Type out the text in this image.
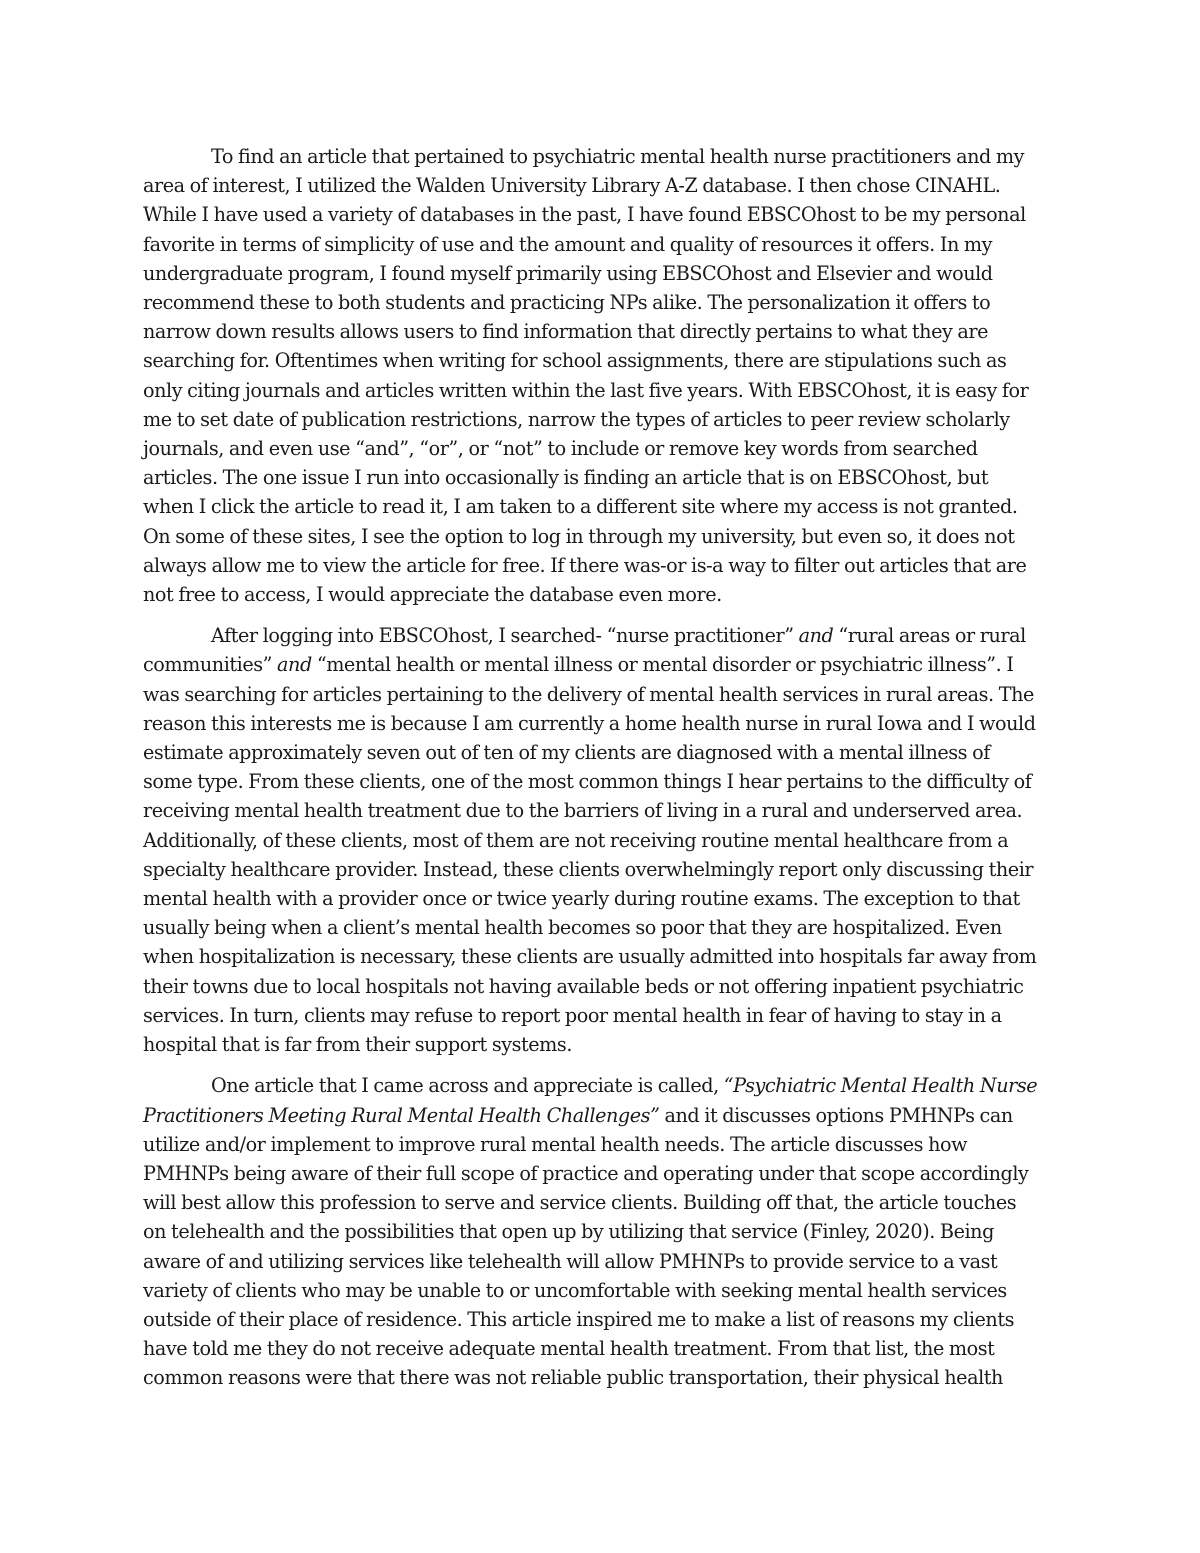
To find an article that pertained to psychiatric mental health nurse practitioners and my
area of interest, I utilized the Walden University Library A-Z database. I then chose CINAHL.
While I have used a variety of databases in the past, I have found EBSCOhost to be my personal
favorite in terms of simplicity of use and the amount and quality of resources it offers. In my
undergraduate program, I found myself primarily using EBSCOhost and Elsevier and would
recommend these to both students and practicing NPs alike. The personalization it offers to
narrow down results allows users to find information that directly pertains to what they are
searching for. Oftentimes when writing for school assignments, there are stipulations such as
only citing journals and articles written within the last five years. With EBSCOhost, it is easy for
me to set date of publication restrictions, narrow the types of articles to peer review scholarly
journals, and even use “and”, “or”, or “not” to include or remove key words from searched
articles. The one issue I run into occasionally is finding an article that is on EBSCOhost, but
when I click the article to read it, I am taken to a different site where my access is not granted.
On some of these sites, I see the option to log in through my university, but even so, it does not
always allow me to view the article for free. If there was-or is-a way to filter out articles that are
not free to access, I would appreciate the database even more.
After logging into EBSCOhost, I searched- “nurse practitioner” and “rural areas or rural
communities” and “mental health or mental illness or mental disorder or psychiatric illness”. I
was searching for articles pertaining to the delivery of mental health services in rural areas. The
reason this interests me is because I am currently a home health nurse in rural Iowa and I would
estimate approximately seven out of ten of my clients are diagnosed with a mental illness of
some type. From these clients, one of the most common things I hear pertains to the difficulty of
receiving mental health treatment due to the barriers of living in a rural and underserved area.
Additionally, of these clients, most of them are not receiving routine mental healthcare from a
specialty healthcare provider. Instead, these clients overwhelmingly report only discussing their
mental health with a provider once or twice yearly during routine exams. The exception to that
usually being when a client’s mental health becomes so poor that they are hospitalized. Even
when hospitalization is necessary, these clients are usually admitted into hospitals far away from
their towns due to local hospitals not having available beds or not offering inpatient psychiatric
services. In turn, clients may refuse to report poor mental health in fear of having to stay in a
hospital that is far from their support systems.
One article that I came across and appreciate is called, “Psychiatric Mental Health Nurse
Practitioners Meeting Rural Mental Health Challenges” and it discusses options PMHNPs can
utilize and/or implement to improve rural mental health needs. The article discusses how
PMHNPs being aware of their full scope of practice and operating under that scope accordingly
will best allow this profession to serve and service clients. Building off that, the article touches
on telehealth and the possibilities that open up by utilizing that service (Finley, 2020). Being
aware of and utilizing services like telehealth will allow PMHNPs to provide service to a vast
variety of clients who may be unable to or uncomfortable with seeking mental health services
outside of their place of residence. This article inspired me to make a list of reasons my clients
have told me they do not receive adequate mental health treatment. From that list, the most
common reasons were that there was not reliable public transportation, their physical health
